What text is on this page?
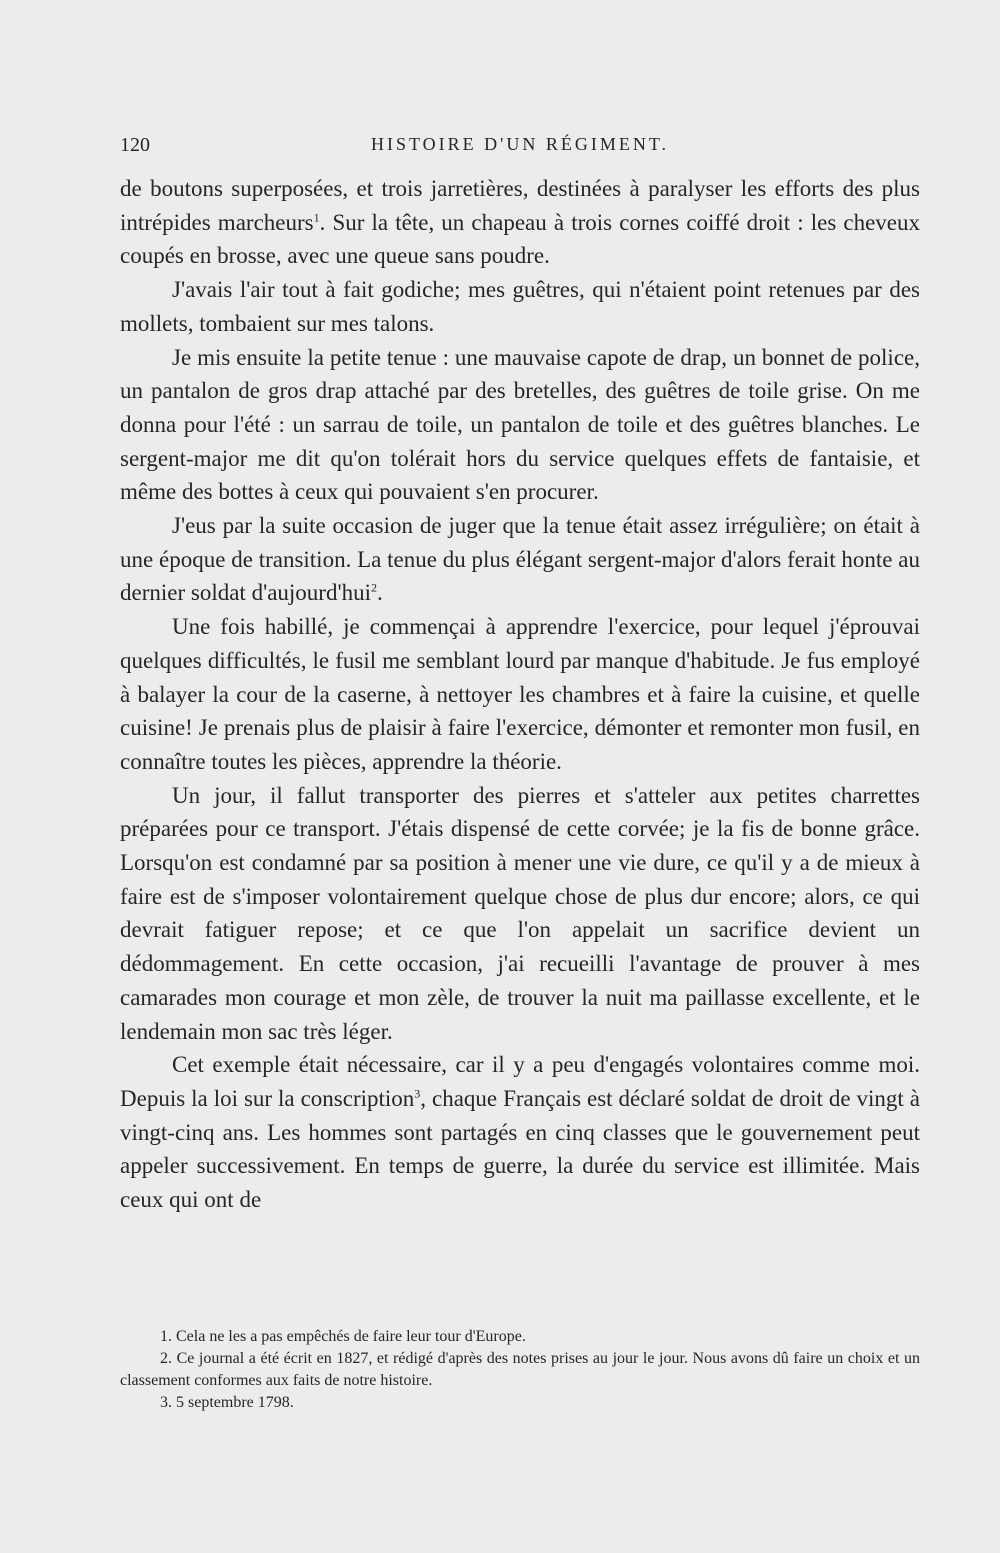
120	HISTOIRE D'UN RÉGIMENT.

de boutons superposées, et trois jarretières, destinées à paralyser les efforts des plus intrépides marcheurs$^1$. Sur la tête, un chapeau à trois cornes coiffé droit : les cheveux coupés en brosse, avec une queue sans poudre.

J'avais l'air tout à fait godiche; mes guêtres, qui n'étaient point retenues par des mollets, tombaient sur mes talons.

Je mis ensuite la petite tenue : une mauvaise capote de drap, un bonnet de police, un pantalon de gros drap attaché par des bretelles, des guêtres de toile grise. On me donna pour l'été : un sarrau de toile, un pantalon de toile et des guêtres blanches. Le sergent-major me dit qu'on tolérait hors du service quelques effets de fantaisie, et même des bottes à ceux qui pouvaient s'en procurer.

J'eus par la suite occasion de juger que la tenue était assez irrégulière; on était à une époque de transition. La tenue du plus élégant sergent-major d'alors ferait honte au dernier soldat d'aujourd'hui$^2$.

Une fois habillé, je commençai à apprendre l'exercice, pour lequel j'éprouvai quelques difficultés, le fusil me semblant lourd par manque d'habitude. Je fus employé à balayer la cour de la caserne, à nettoyer les chambres et à faire la cuisine, et quelle cuisine! Je prenais plus de plaisir à faire l'exercice, démonter et remonter mon fusil, en connaître toutes les pièces, apprendre la théorie.

Un jour, il fallut transporter des pierres et s'atteler aux petites charrettes préparées pour ce transport. J'étais dispensé de cette corvée; je la fis de bonne grâce. Lorsqu'on est condamné par sa position à mener une vie dure, ce qu'il y a de mieux à faire est de s'imposer volontairement quelque chose de plus dur encore; alors, ce qui devrait fatiguer repose; et ce que l'on appelait un sacrifice devient un dédommagement. En cette occasion, j'ai recueilli l'avantage de prouver à mes camarades mon courage et mon zèle, de trouver la nuit ma paillasse excellente, et le lendemain mon sac très léger.

Cet exemple était nécessaire, car il y a peu d'engagés volontaires comme moi. Depuis la loi sur la conscription$^3$, chaque Français est déclaré soldat de droit de vingt à vingt-cinq ans. Les hommes sont partagés en cinq classes que le gouvernement peut appeler successivement. En temps de guerre, la durée du service est illimitée. Mais ceux qui ont de

1. Cela ne les a pas empêchés de faire leur tour d'Europe.

2. Ce journal a été écrit en 1827, et rédigé d'après des notes prises au jour le jour. Nous avons dû faire un choix et un classement conformes aux faits de notre histoire.

3. 5 septembre 1798.
